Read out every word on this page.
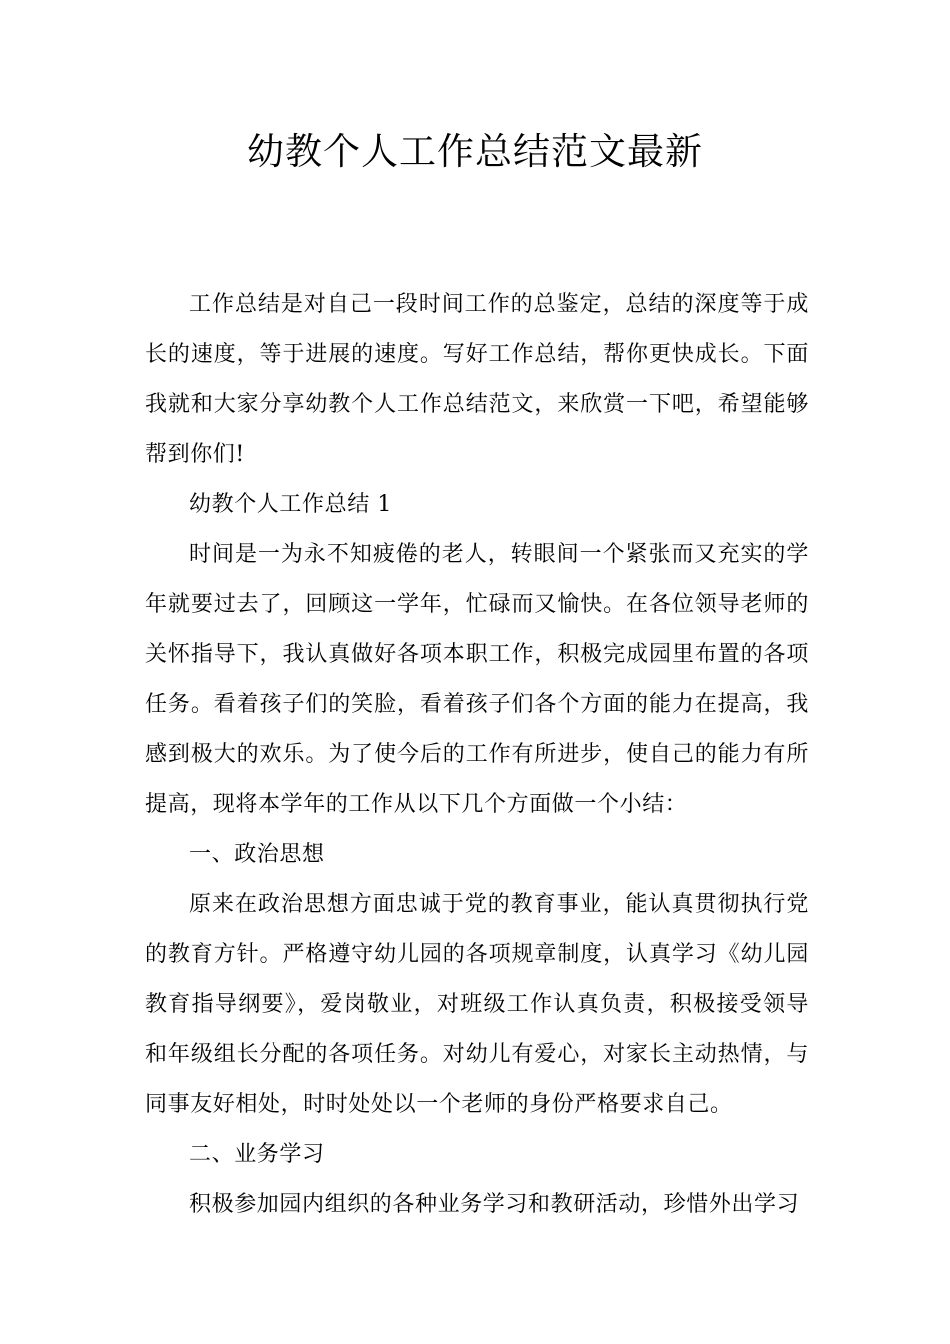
幼教个人工作总结范文最新

工作总结是对自己一段时间工作的总鉴定，总结的深度等于成长的速度，等于进展的速度。写好工作总结，帮你更快成长。下面我就和大家分享幼教个人工作总结范文，来欣赏一下吧，希望能够帮到你们!

幼教个人工作总结 1

时间是一为永不知疲倦的老人，转眼间一个紧张而又充实的学年就要过去了，回顾这一学年，忙碌而又愉快。在各位领导老师的关怀指导下，我认真做好各项本职工作，积极完成园里布置的各项任务。看着孩子们的笑脸，看着孩子们各个方面的能力在提高，我感到极大的欢乐。为了使今后的工作有所进步，使自己的能力有所提高，现将本学年的工作从以下几个方面做一个小结：

一、政治思想

原来在政治思想方面忠诚于党的教育事业，能认真贯彻执行党的教育方针。严格遵守幼儿园的各项规章制度，认真学习《幼儿园教育指导纲要》，爱岗敬业，对班级工作认真负责，积极接受领导和年级组长分配的各项任务。对幼儿有爱心，对家长主动热情，与同事友好相处，时时处处以一个老师的身份严格要求自己。

二、业务学习

积极参加园内组织的各种业务学习和教研活动，珍惜外出学习
